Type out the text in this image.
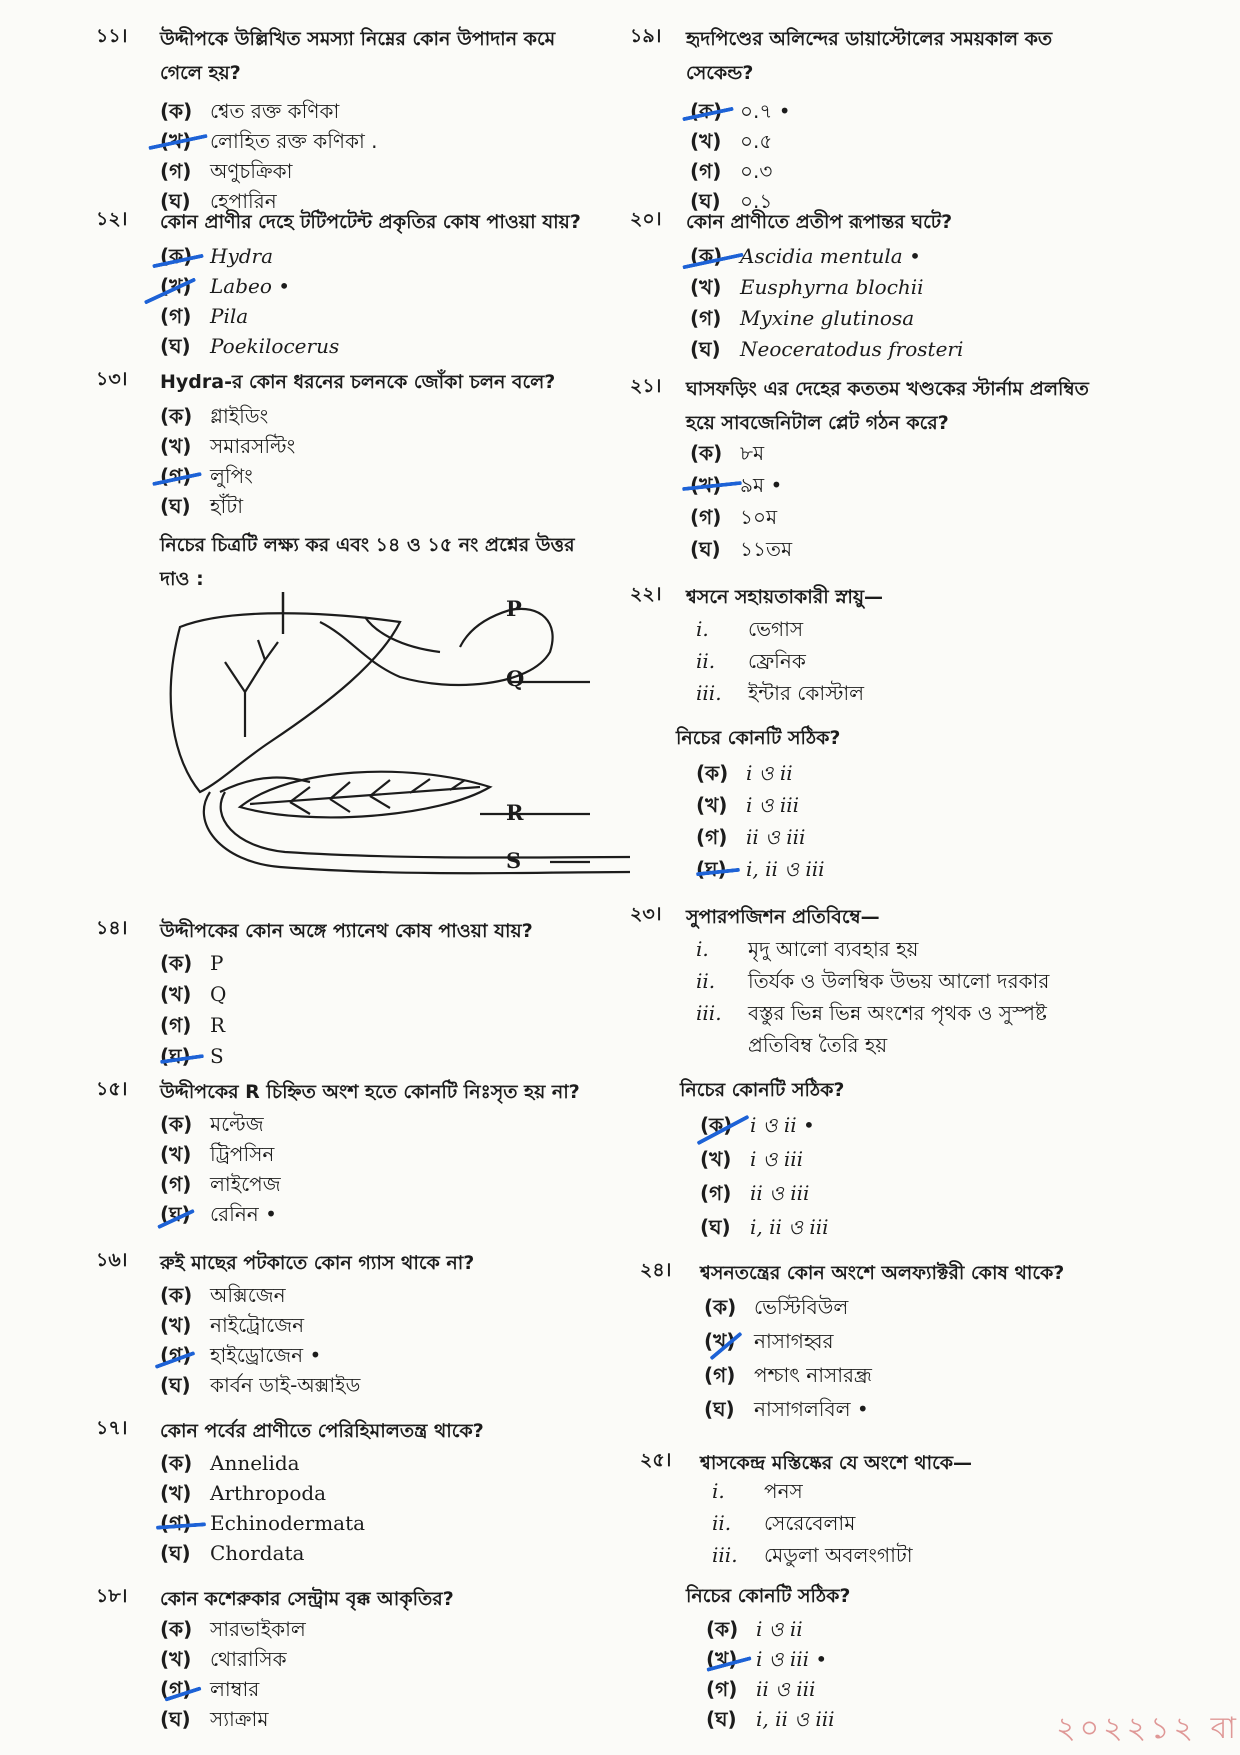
১১। উদ্দীপকে উল্লিখিত সমস্যা নিম্নের কোন উপাদান কমে গেলে হয়?
(ক) শ্বেত রক্ত কণিকা
(খ) লোহিত রক্ত কণিকা .
(গ) অণুচক্রিকা
(ঘ) হেপারিন
১২। কোন প্রাণীর দেহে টটিপটেন্ট প্রকৃতির কোষ পাওয়া যায়?
(ক) Hydra
(খ) Labeo •
(গ) Pila
(ঘ) Poekilocerus
১৩। Hydra-র কোন ধরনের চলনকে জোঁকা চলন বলে?
(ক) গ্লাইডিং
(খ) সমারসল্টিং
(গ) লুপিং
(ঘ) হাঁটা
নিচের চিত্রটি লক্ষ্য কর এবং ১৪ ও ১৫ নং প্রশ্নের উত্তর দাও :
P
Q
R
S
১৪। উদ্দীপকের কোন অঙ্গে প্যানেথ কোষ পাওয়া যায়?
(ক) P
(খ) Q
(গ) R
(ঘ) S
১৫। উদ্দীপকের R চিহ্নিত অংশ হতে কোনটি নিঃসৃত হয় না?
(ক) মল্টেজ
(খ) ট্রিপসিন
(গ) লাইপেজ
(ঘ) রেনিন •
১৬। রুই মাছের পটকাতে কোন গ্যাস থাকে না?
(ক) অক্সিজেন
(খ) নাইট্রোজেন
(গ) হাইড্রোজেন •
(ঘ) কার্বন ডাই-অক্সাইড
১৭। কোন পর্বের প্রাণীতে পেরিহিমালতন্ত্র থাকে?
(ক) Annelida
(খ) Arthropoda
(গ) Echinodermata
(ঘ) Chordata
১৮। কোন কশেরুকার সেন্ট্রাম বৃক্ক আকৃতির?
(ক) সারভাইকাল
(খ) থোরাসিক
(গ) লাম্বার
(ঘ) স্যাক্রাম
১৯। হৃদপিণ্ডের অলিন্দের ডায়াস্টোলের সময়কাল কত সেকেন্ড?
(ক) ০.৭ •
(খ) ০.৫
(গ) ০.৩
(ঘ) ০.১
২০। কোন প্রাণীতে প্রতীপ রূপান্তর ঘটে?
(ক) Ascidia mentula •
(খ) Eusphyrna blochii
(গ) Myxine glutinosa
(ঘ) Neoceratodus frosteri
২১। ঘাসফড়িং এর দেহের কততম খণ্ডকের স্টার্নাম প্রলম্বিত হয়ে সাবজেনিটাল প্লেট গঠন করে?
(ক) ৮ম
(খ) ৯ম •
(গ) ১০ম
(ঘ) ১১তম
২২। শ্বসনে সহায়তাকারী স্নায়ু—
i. ভেগাস
ii. ফ্রেনিক
iii. ইন্টার কোস্টাল
নিচের কোনটি সঠিক?
(ক) i ও ii
(খ) i ও iii
(গ) ii ও iii
(ঘ) i, ii ও iii
২৩। সুপারপজিশন প্রতিবিম্বে—
i. মৃদু আলো ব্যবহার হয়
ii. তির্যক ও উলম্বিক উভয় আলো দরকার
iii. বস্তুর ভিন্ন ভিন্ন অংশের পৃথক ও সুস্পষ্ট
প্রতিবিম্ব তৈরি হয়
নিচের কোনটি সঠিক?
(ক) i ও ii •
(খ) i ও iii
(গ) ii ও iii
(ঘ) i, ii ও iii
২৪। শ্বসনতন্ত্রের কোন অংশে অলফ্যাক্টরী কোষ থাকে?
(ক) ভেস্টিবিউল
(খ) নাসাগহ্বর
(গ) পশ্চাৎ নাসারন্ধ্র
(ঘ) নাসাগলবিল •
২৫। শ্বাসকেন্দ্র মস্তিষ্কের যে অংশে থাকে—
i. পনস
ii. সেরেবেলাম
iii. মেডুলা অবলংগাটা
নিচের কোনটি সঠিক?
(ক) i ও ii
(খ) i ও iii •
(গ) ii ও iii
(ঘ) i, ii ও iii	২০২২১২ বা
